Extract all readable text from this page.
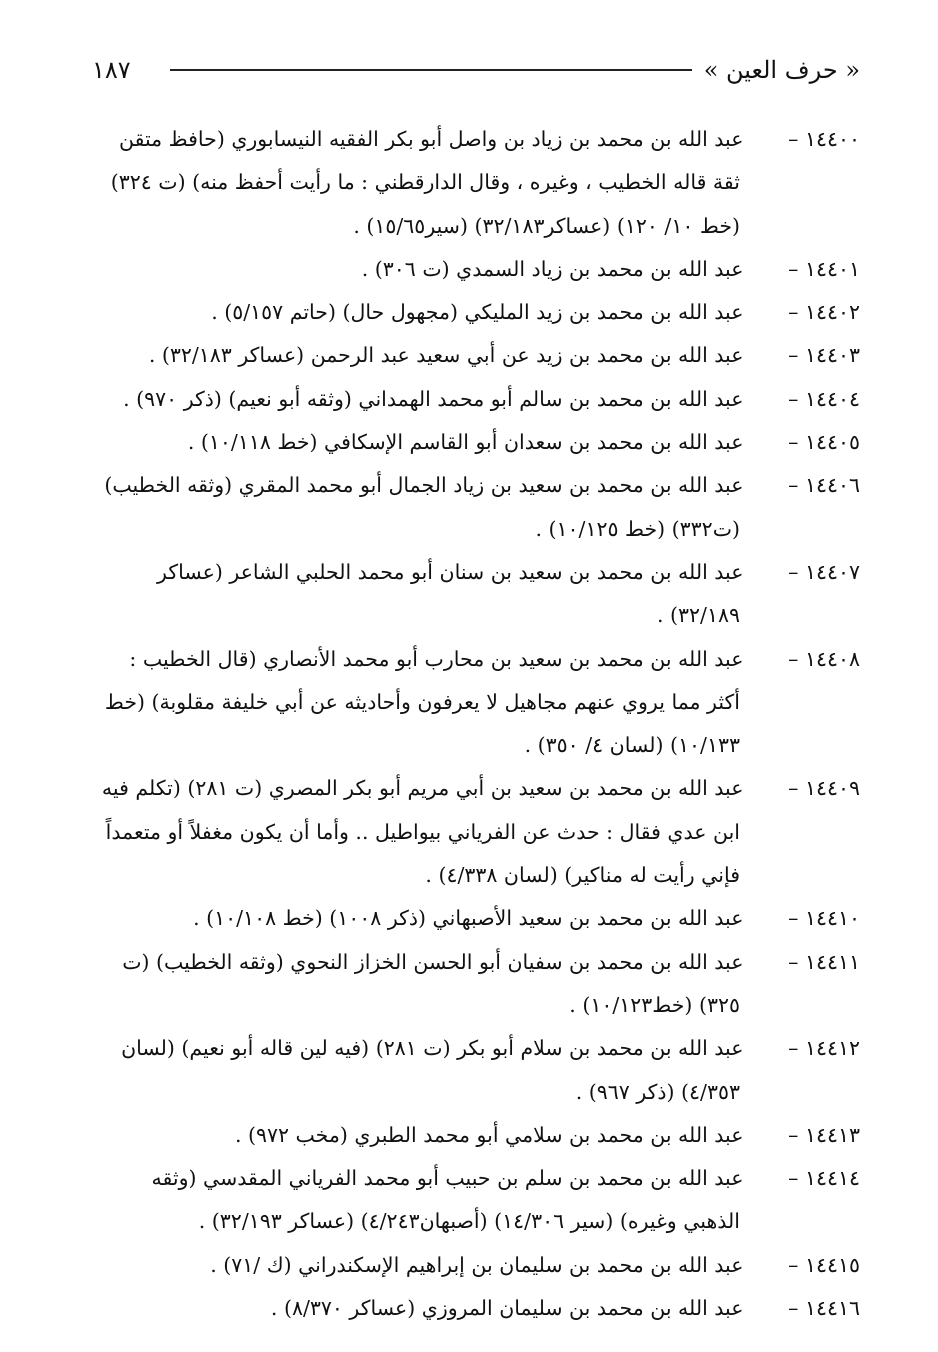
١٨٧	« حرف العين »

١٤٤٠٠ – عبد الله بن محمد بن زياد بن واصل أبو بكر الفقيه النيسابوري (حافظ متقن ثقة قاله الخطيب ، وغيره ، وقال الدارقطني : ما رأيت أحفظ منه) (ت ٣٢٤) (خط ١٠/ ١٢٠) (عساكر٣٢/١٨٣) (سير١٥/٦٥) .

١٤٤٠١ – عبد الله بن محمد بن زياد السمدي (ت ٣٠٦) .

١٤٤٠٢ – عبد الله بن محمد بن زيد المليكي (مجهول حال) (حاتم ٥/١٥٧) .

١٤٤٠٣ – عبد الله بن محمد بن زيد عن أبي سعيد عبد الرحمن (عساكر ٣٢/١٨٣) .

١٤٤٠٤ – عبد الله بن محمد بن سالم أبو محمد الهمداني (وثقه أبو نعيم) (ذكر ٩٧٠) .

١٤٤٠٥ – عبد الله بن محمد بن سعدان أبو القاسم الإسكافي (خط ١٠/١١٨) .

١٤٤٠٦ – عبد الله بن محمد بن سعيد بن زياد الجمال أبو محمد المقري (وثقه الخطيب) (ت٣٣٢) (خط ١٠/١٢٥) .

١٤٤٠٧ – عبد الله بن محمد بن سعيد بن سنان أبو محمد الحلبي الشاعر (عساكر ٣٢/١٨٩) .

١٤٤٠٨ – عبد الله بن محمد بن سعيد بن محارب أبو محمد الأنصاري (قال الخطيب : أكثر مما يروي عنهم مجاهيل لا يعرفون وأحاديثه عن أبي خليفة مقلوبة) (خط ١٠/١٣٣) (لسان ٤/ ٣٥٠) .

١٤٤٠٩ – عبد الله بن محمد بن سعيد بن أبي مريم أبو بكر المصري (ت ٢٨١) (تكلم فيه ابن عدي فقال : حدث عن الفرياني بيواطيل .. وأما أن يكون مغفلاً أو متعمداً فإني رأيت له مناكير) (لسان ٤/٣٣٨) .

١٤٤١٠ – عبد الله بن محمد بن سعيد الأصبهاني (ذكر ١٠٠٨) (خط ١٠/١٠٨) .

١٤٤١١ – عبد الله بن محمد بن سفيان أبو الحسن الخزاز النحوي (وثقه الخطيب) (ت ٣٢٥) (خط١٠/١٢٣) .

١٤٤١٢ – عبد الله بن محمد بن سلام أبو بكر (ت ٢٨١) (فيه لين قاله أبو نعيم) (لسان ٤/٣٥٣) (ذكر ٩٦٧) .

١٤٤١٣ – عبد الله بن محمد بن سلامي أبو محمد الطبري (مخب ٩٧٢) .

١٤٤١٤ – عبد الله بن محمد بن سلم بن حبيب أبو محمد الفرياني المقدسي (وثقه الذهبي وغيره) (سير ١٤/٣٠٦) (أصبهان٤/٢٤٣) (عساكر ٣٢/١٩٣) .

١٤٤١٥ – عبد الله بن محمد بن سليمان بن إبراهيم الإسكندراني (ك /٧١) .

١٤٤١٦ – عبد الله بن محمد بن سليمان المروزي (عساكر ٨/٣٧٠) .
